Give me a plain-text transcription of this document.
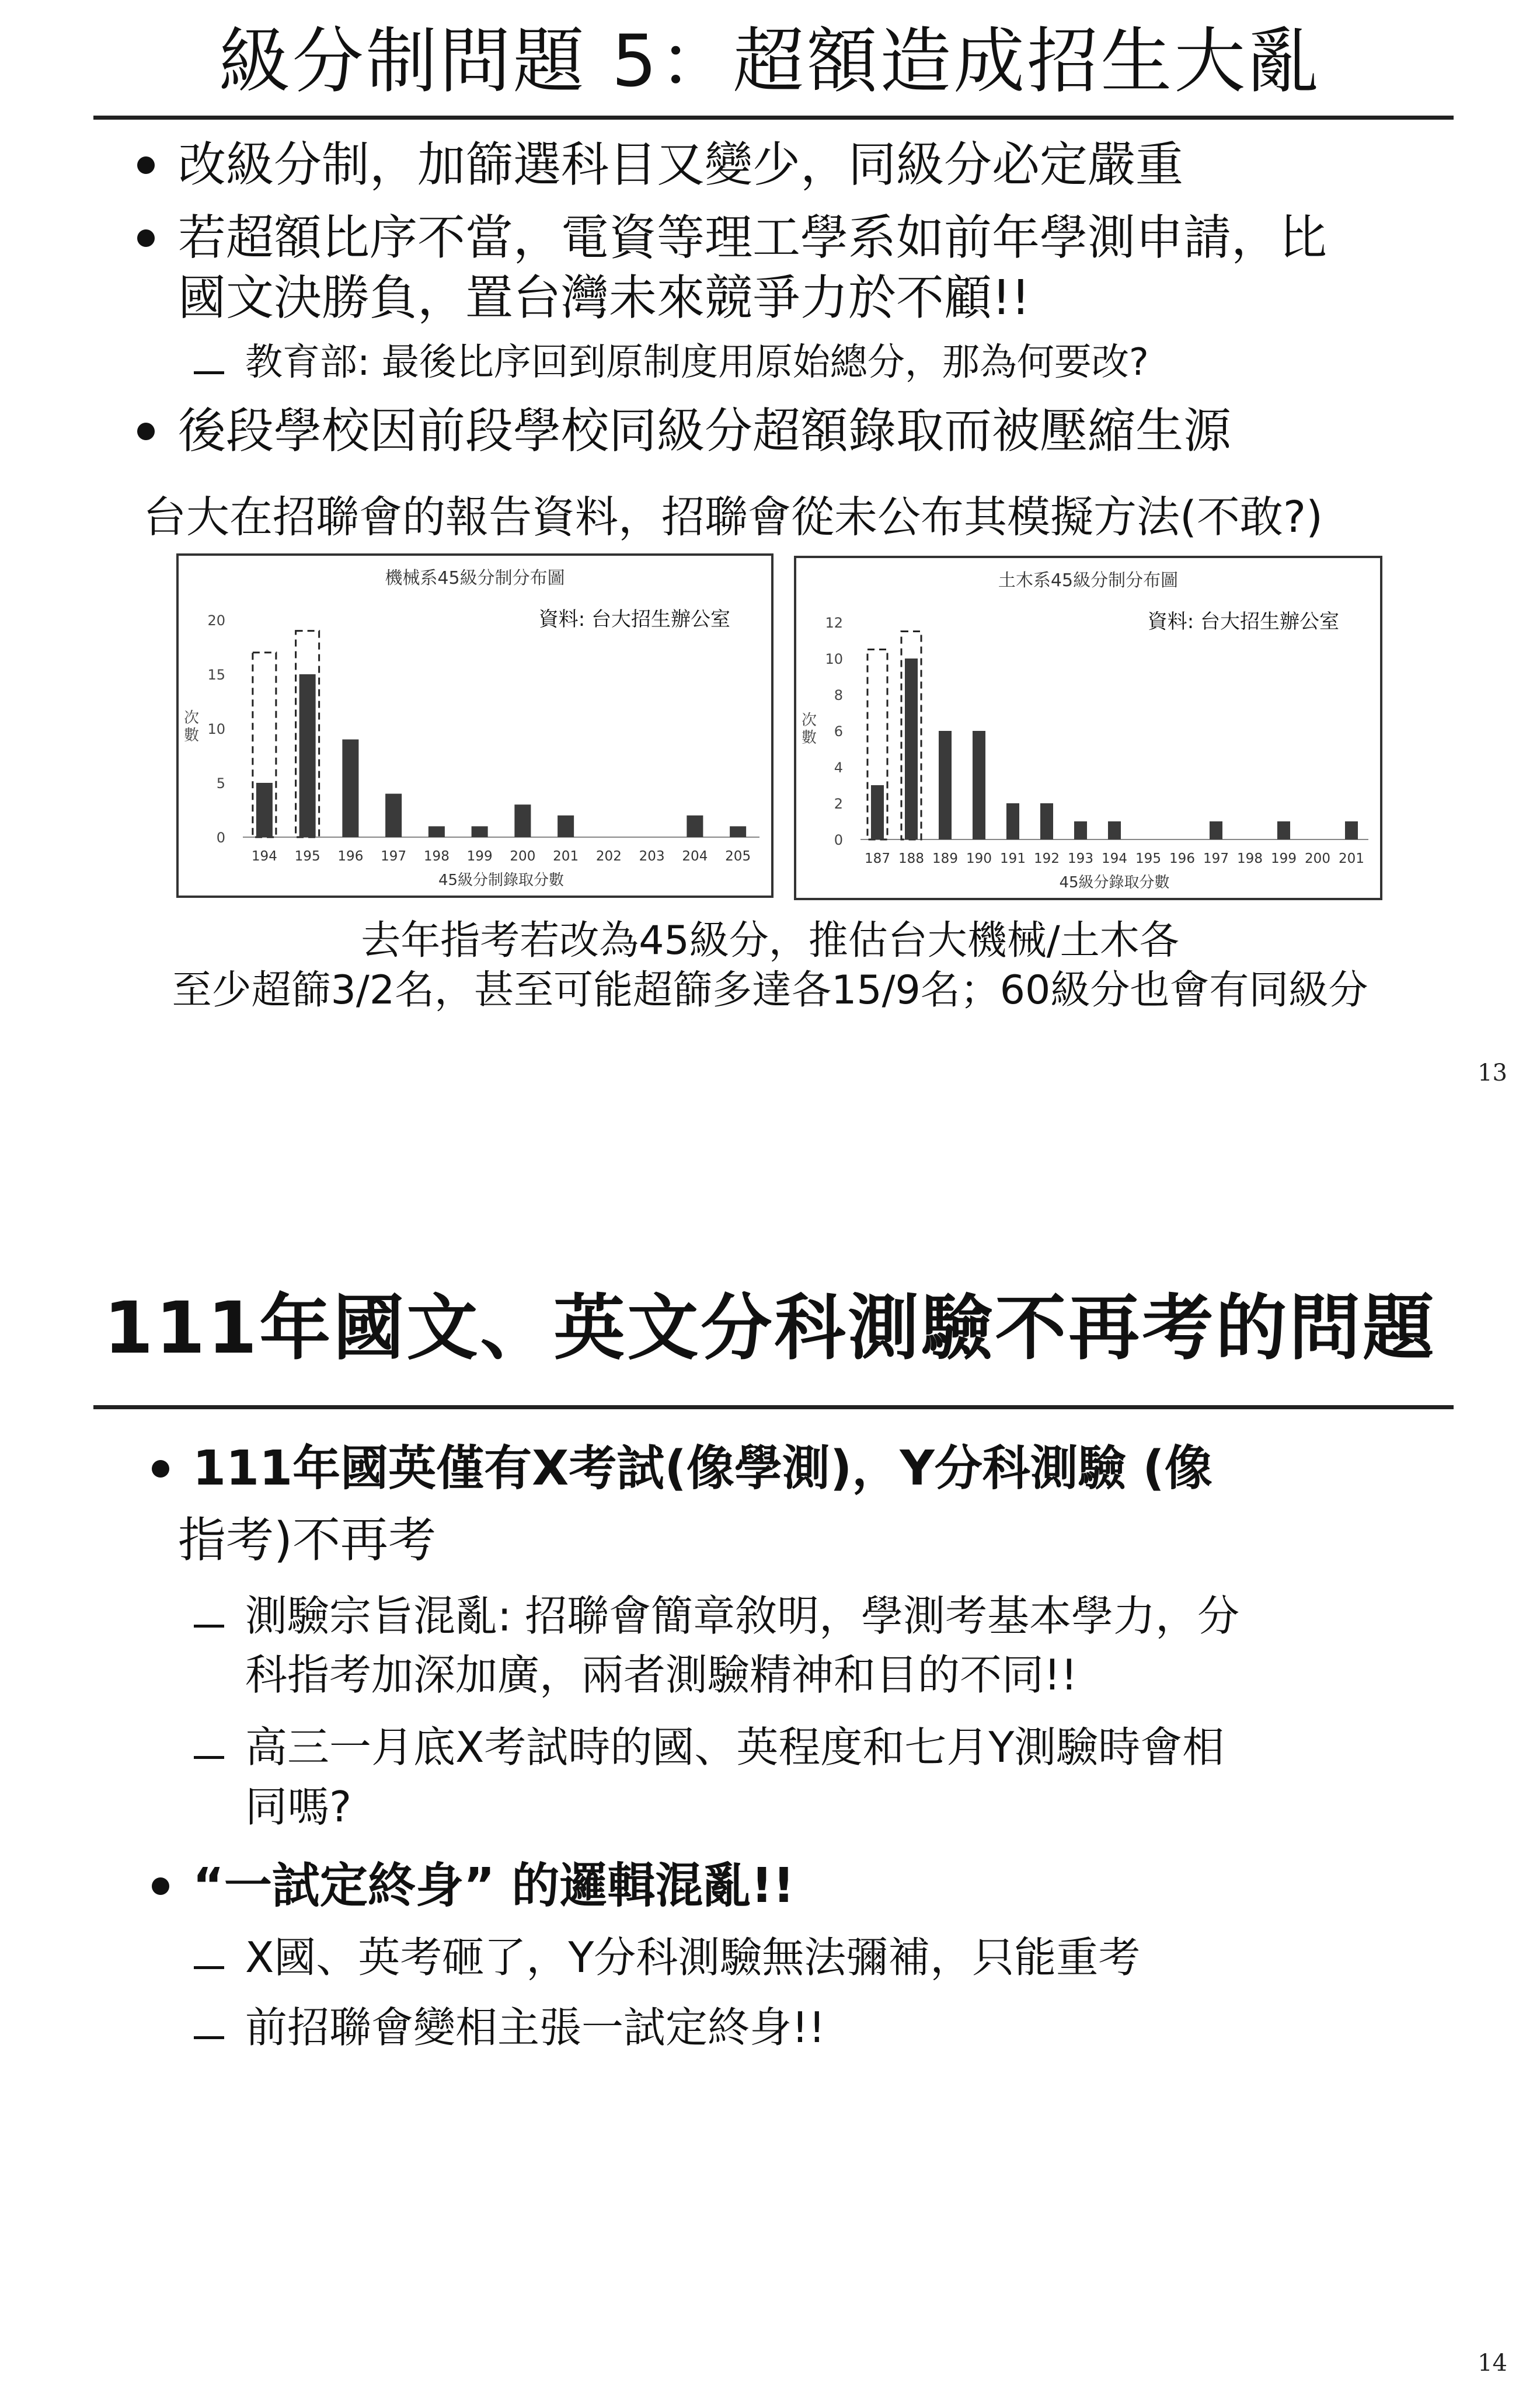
級分制問題 5：超額造成招生大亂
改級分制，加篩選科目又變少，同級分必定嚴重
若超額比序不當，電資等理工學系如前年學測申請，比
國文決勝負，置台灣未來競爭力於不顧!!
教育部: 最後比序回到原制度用原始總分，那為何要改?
後段學校因前段學校同級分超額錄取而被壓縮生源
台大在招聯會的報告資料，招聯會從未公布其模擬方法(不敢?)
機械系45級分制分布圖
資料: 台大招生辦公室
0
5
10
15
20
次
數
194 195 196 197 198 199 200 201 202 203 204 205
45級分制錄取分數
土木系45級分制分布圖
資料: 台大招生辦公室
0
2
4
6
8
10
12
次
數
187 188 189 190 191 192 193 194 195 196 197 198 199 200 201
45級分錄取分數
去年指考若改為45級分，推估台大機械/土木各
至少超篩3/2名，甚至可能超篩多達各15/9名；60級分也會有同級分
13
111年國文、英文分科測驗不再考的問題
111年國英僅有X考試(像學測)，Y分科測驗 (像
指考)不再考
測驗宗旨混亂: 招聯會簡章敘明，學測考基本學力，分
科指考加深加廣，兩者測驗精神和目的不同!!
高三一月底X考試時的國、英程度和七月Y測驗時會相
同嗎?
“一試定終身” 的邏輯混亂!!
X國、英考砸了，Y分科測驗無法彌補，只能重考
前招聯會變相主張一試定終身!!
14
